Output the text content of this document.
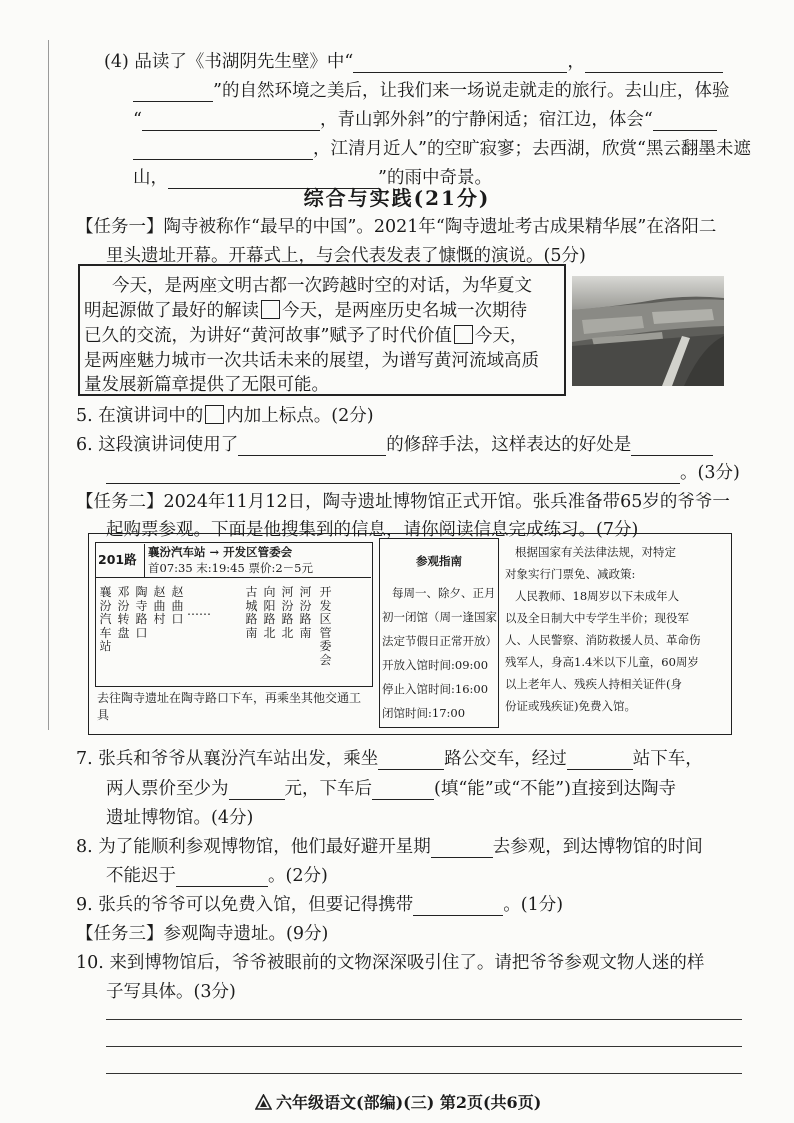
(4) 品读了《书湖阴先生壁》中“	，
”的自然环境之美后，让我们来一场说走就走的旅行。去山庄，体验
“	，青山郭外斜”的宁静闲适；宿江边，体会“
，江清月近人”的空旷寂寥；去西湖，欣赏“黑云翻墨未遮
山，	”的雨中奇景。
综合与实践(21分)
【任务一】陶寺被称作“最早的中国”。2021年“陶寺遗址考古成果精华展”在洛阳二
里头遗址开幕。开幕式上，与会代表发表了慷慨的演说。(5分)
今天，是两座文明古都一次跨越时空的对话，为华夏文
明起源做了最好的解读 今天，是两座历史名城一次期待
已久的交流，为讲好“黄河故事”赋予了时代价值 今天，
是两座魅力城市一次共话未来的展望，为谱写黄河流域高质
量发展新篇章提供了无限可能。
5. 在演讲词中的 内加上标点。(2分)
6. 这段演讲词使用了	的修辞手法，这样表达的好处是
。(3分)
【任务二】2024年11月12日，陶寺遗址博物馆正式开馆。张兵准备带65岁的爷爷一
起购票参观。下面是他搜集到的信息，请你阅读信息完成练习。(7分)
201路 襄汾汽车站 → 开发区管委会
首07:35 末:19:45 票价:2－5元
襄汾汽车站
邓汾转盘
陶寺路口
赵曲村
赵曲口
……
古城路南
向阳路北
河汾路北
河汾路南
开发区管委会
去往陶寺遗址在陶寺路口下车，再乘坐其他交通工具
参观指南
每周一、除夕、正月
初一闭馆（周一逢国家
法定节假日正常开放）
开放入馆时间:09:00
停止入馆时间:16:00
闭馆时间:17:00
根据国家有关法律法规，对特定
对象实行门票免、减政策:
人民教师、18周岁以下未成年人
以及全日制大中专学生半价；现役军
人、人民警察、消防救援人员、革命伤
残军人，身高1.4米以下儿童，60周岁
以上老年人、残疾人持相关证件(身
份证或残疾证)免费入馆。
7. 张兵和爷爷从襄汾汽车站出发，乘坐	路公交车，经过	站下车，
两人票价至少为	元，下车后	(填“能”或“不能”)直接到达陶寺
遗址博物馆。(4分)
8. 为了能顺利参观博物馆，他们最好避开星期	去参观，到达博物馆的时间
不能迟于	。(2分)
9. 张兵的爷爷可以免费入馆，但要记得携带	。(1分)
【任务三】参观陶寺遗址。(9分)
10. 来到博物馆后，爷爷被眼前的文物深深吸引住了。请把爷爷参观文物人迷的样
子写具体。(3分)
六年级语文(部编)(三) 第2页(共6页)
